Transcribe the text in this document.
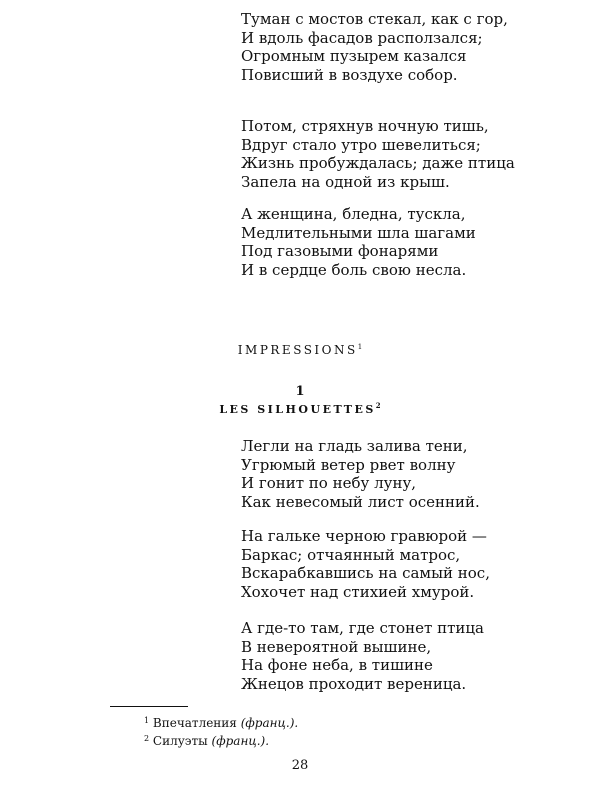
Туман с мостов стекал, как с гор,
И вдоль фасадов расползался;
Огромным пузырем казался
Повисший в воздухе собор.
Потом, стряхнув ночную тишь,
Вдруг стало утро шевелиться;
Жизнь пробуждалась; даже птица
Запела на одной из крыш.
А женщина, бледна, тускла,
Медлительными шла шагами
Под газовыми фонарями
И в сердце боль свою несла.
IMPRESSIONS$^1$
1
LES SILHOUETTES$^2$
Легли на гладь залива тени,
Угрюмый ветер рвет волну
И гонит по небу луну,
Как невесомый лист осенний.
На гальке черною гравюрой —
Баркас; отчаянный матрос,
Вскарабкавшись на самый нос,
Хохочет над стихией хмурой.
А где-то там, где стонет птица
В невероятной вышине,
На фоне неба, в тишине
Жнецов проходит вереница.
$^1$ Впечатления (франц.).
$^2$ Силуэты (франц.).
28
